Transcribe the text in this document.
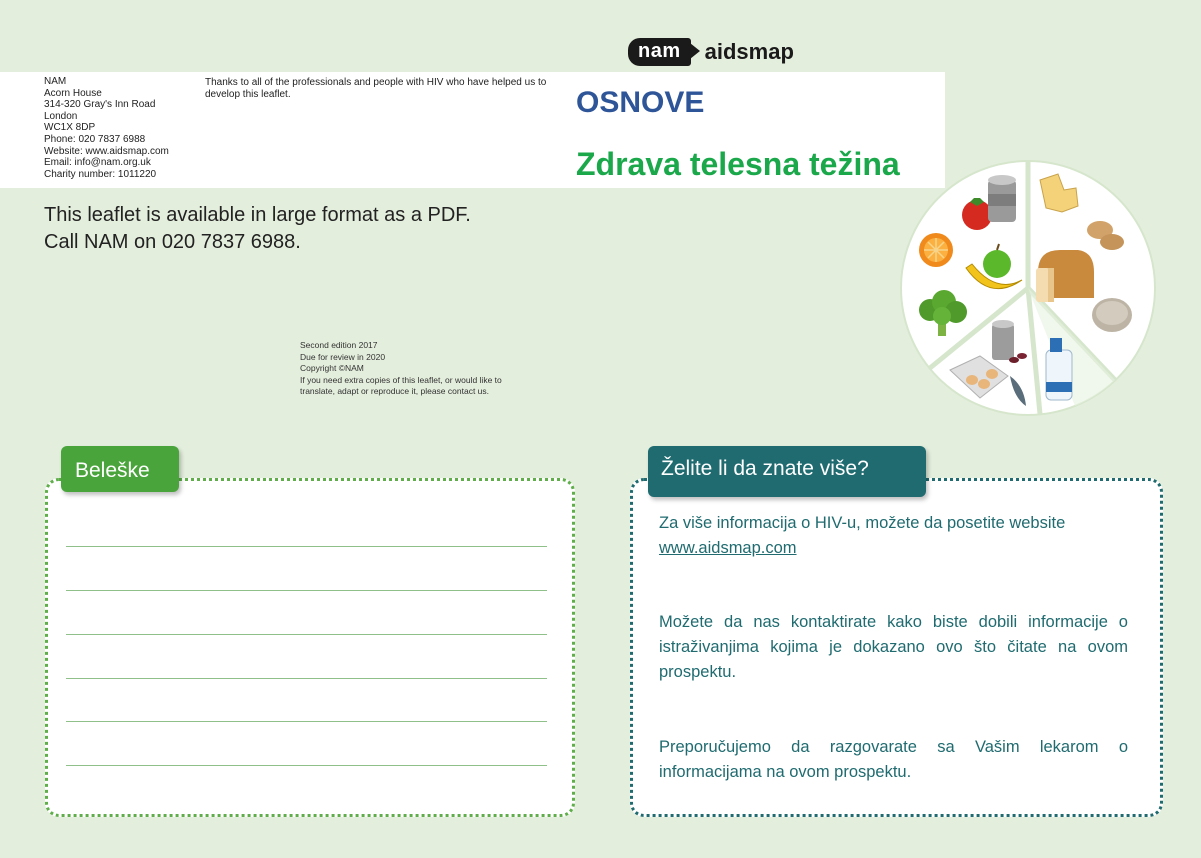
nam	aidsmap
NAM
Acorn House
314-320 Gray's Inn Road
London
WC1X 8DP
Phone: 020 7837 6988
Website: www.aidsmap.com
Email: info@nam.org.uk
Charity number: 1011220
Thanks to all of the professionals and people with HIV who have helped us to develop this leaflet.	OSNOVE
Zdrava telesna težina
This leaflet is available in large format as a PDF.
Call NAM on 020 7837 6988.
Second edition 2017
Due for review in 2020
Copyright ©NAM
If you need extra copies of this leaflet, or would like to
translate, adapt or reproduce it, please contact us.
Beleške	Želite li da znate više?
Za više informacija o HIV-u, možete da posetite website
www.aidsmap.com
Možete da nas kontaktirate kako biste dobili informacije o istraživanjima kojima je dokazano ovo što čitate na ovom prospektu.
Preporučujemo da razgovarate sa Vašim lekarom o informacijama na ovom prospektu.
